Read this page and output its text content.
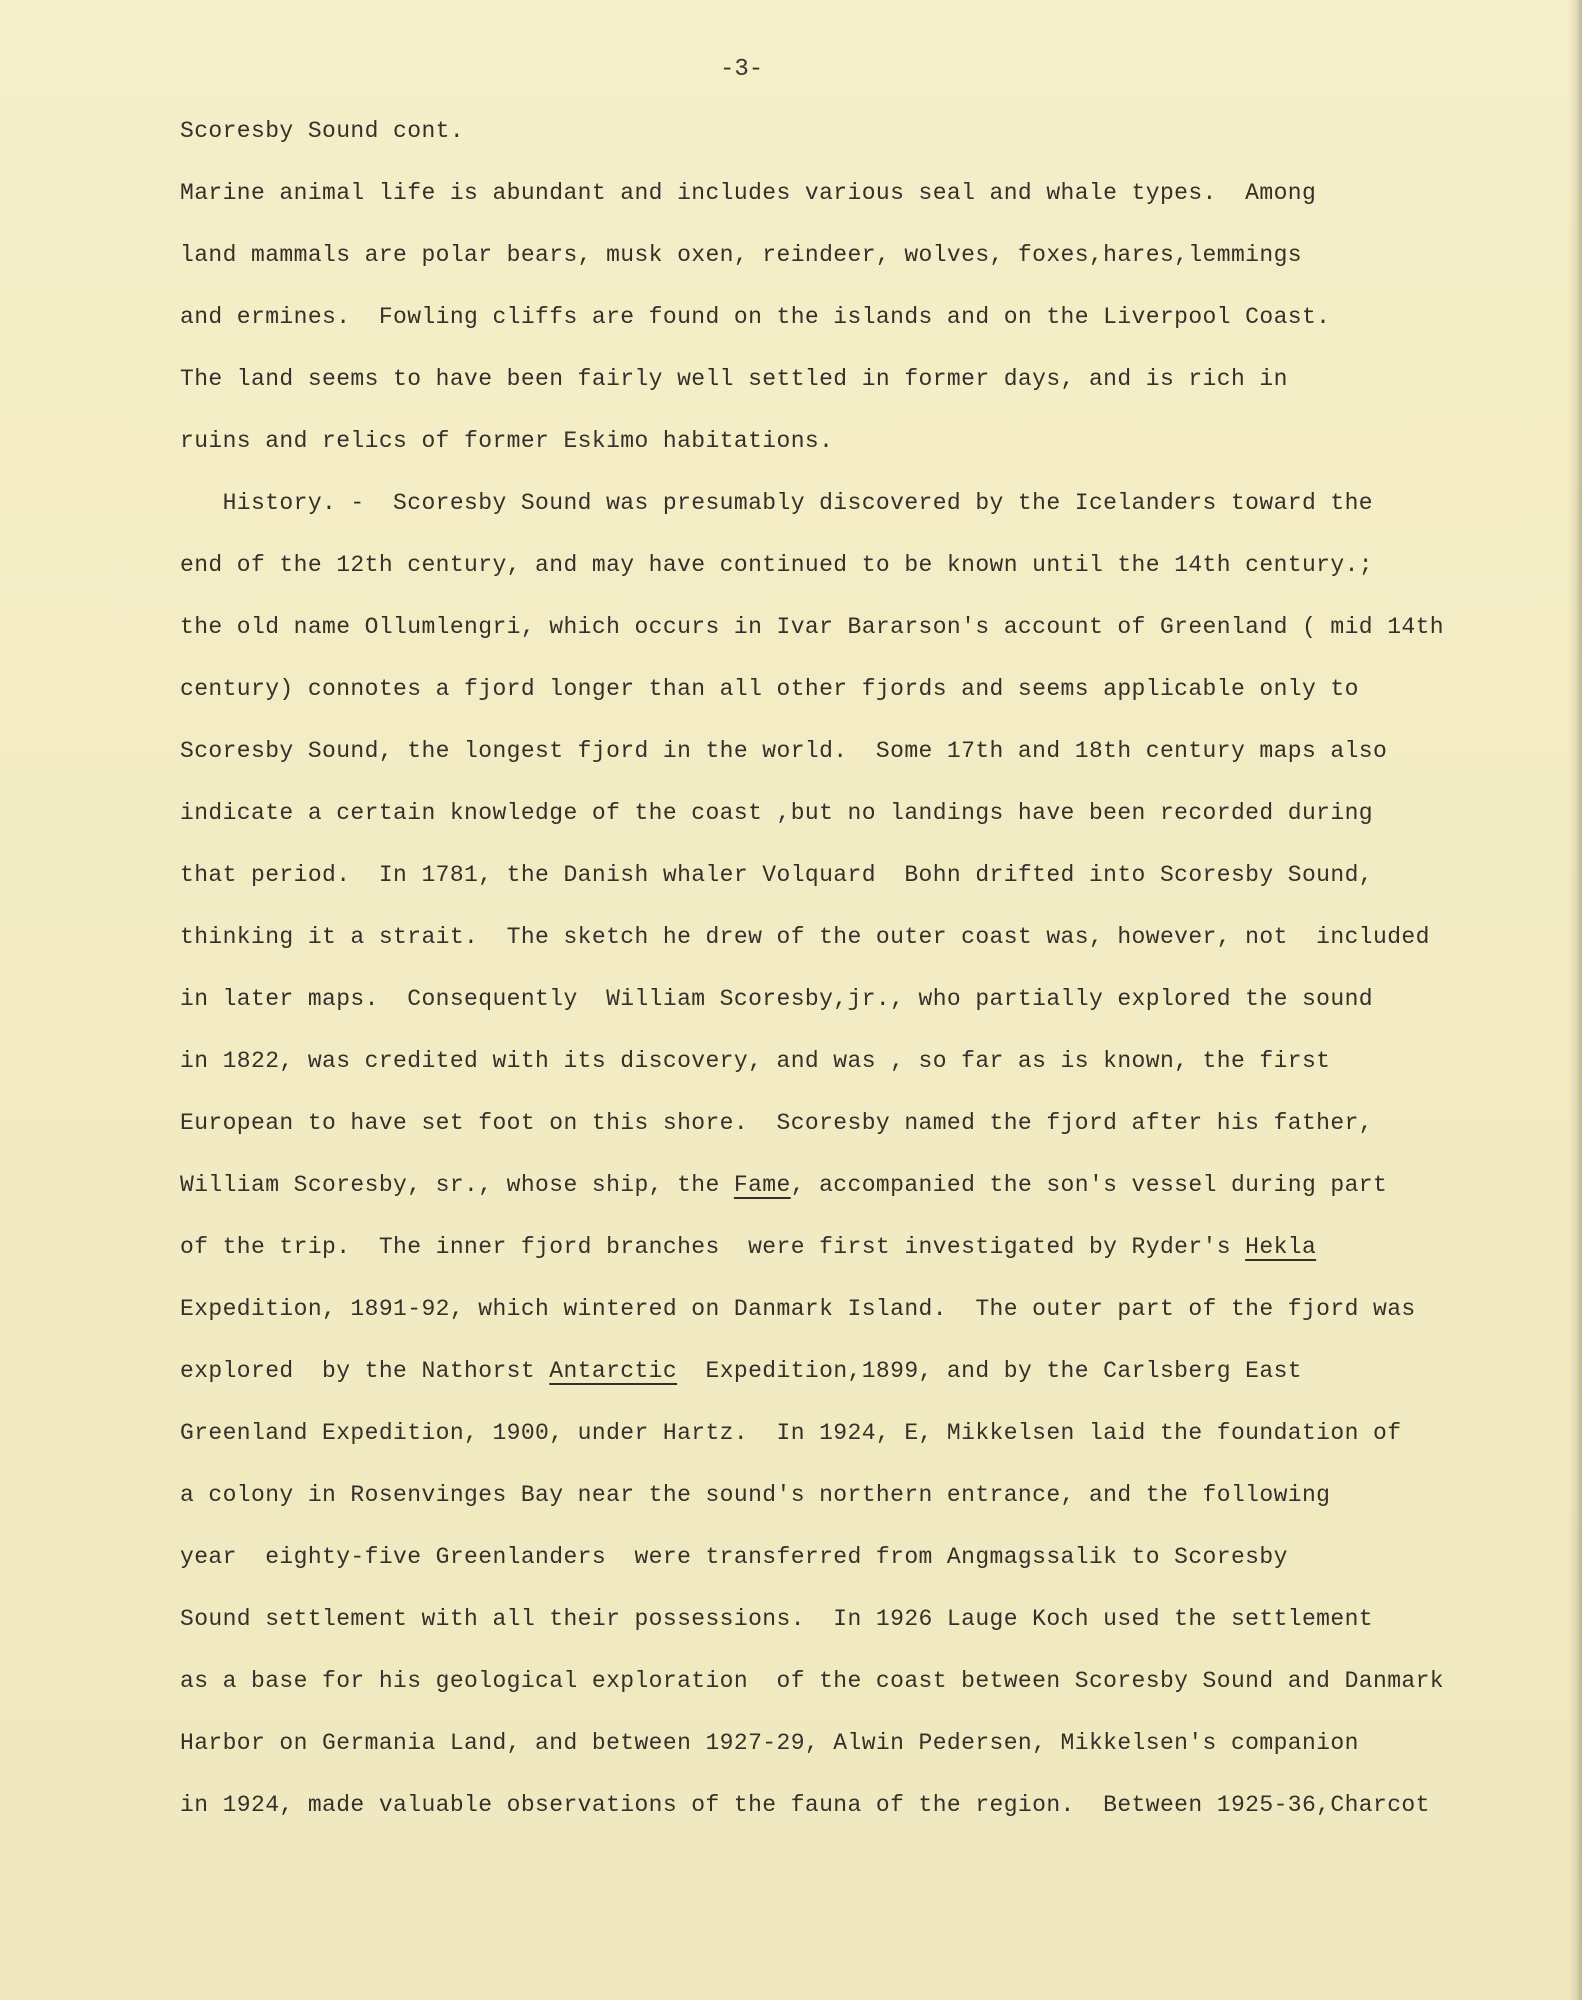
-3-
Scoresby Sound cont.
Marine animal life is abundant and includes various seal and whale types.  Among
land mammals are polar bears, musk oxen, reindeer, wolves, foxes,hares,lemmings
and ermines.  Fowling cliffs are found on the islands and on the Liverpool Coast.
The land seems to have been fairly well settled in former days, and is rich in
ruins and relics of former Eskimo habitations.
History. -  Scoresby Sound was presumably discovered by the Icelanders toward the
end of the 12th century, and may have continued to be known until the 14th century.;
the old name Ollumlengri, which occurs in Ivar Bararson's account of Greenland ( mid 14th
century) connotes a fjord longer than all other fjords and seems applicable only to
Scoresby Sound, the longest fjord in the world.  Some 17th and 18th century maps also
indicate a certain knowledge of the coast ,but no landings have been recorded during
that period.  In 1781, the Danish whaler Volquard  Bohn drifted into Scoresby Sound,
thinking it a strait.  The sketch he drew of the outer coast was, however, not  included
in later maps.  Consequently  William Scoresby,jr., who partially explored the sound
in 1822, was credited with its discovery, and was , so far as is known, the first
European to have set foot on this shore.  Scoresby named the fjord after his father,
William Scoresby, sr., whose ship, the Fame, accompanied the son's vessel during part
of the trip.  The inner fjord branches  were first investigated by Ryder's Hekla
Expedition, 1891-92, which wintered on Danmark Island.  The outer part of the fjord was
explored  by the Nathorst Antarctic  Expedition,1899, and by the Carlsberg East
Greenland Expedition, 1900, under Hartz.  In 1924, E, Mikkelsen laid the foundation of
a colony in Rosenvinges Bay near the sound's northern entrance, and the following
year  eighty-five Greenlanders  were transferred from Angmagssalik to Scoresby
Sound settlement with all their possessions.  In 1926 Lauge Koch used the settlement
as a base for his geological exploration  of the coast between Scoresby Sound and Danmark
Harbor on Germania Land, and between 1927-29, Alwin Pedersen, Mikkelsen's companion
in 1924, made valuable observations of the fauna of the region.  Between 1925-36,Charcot
